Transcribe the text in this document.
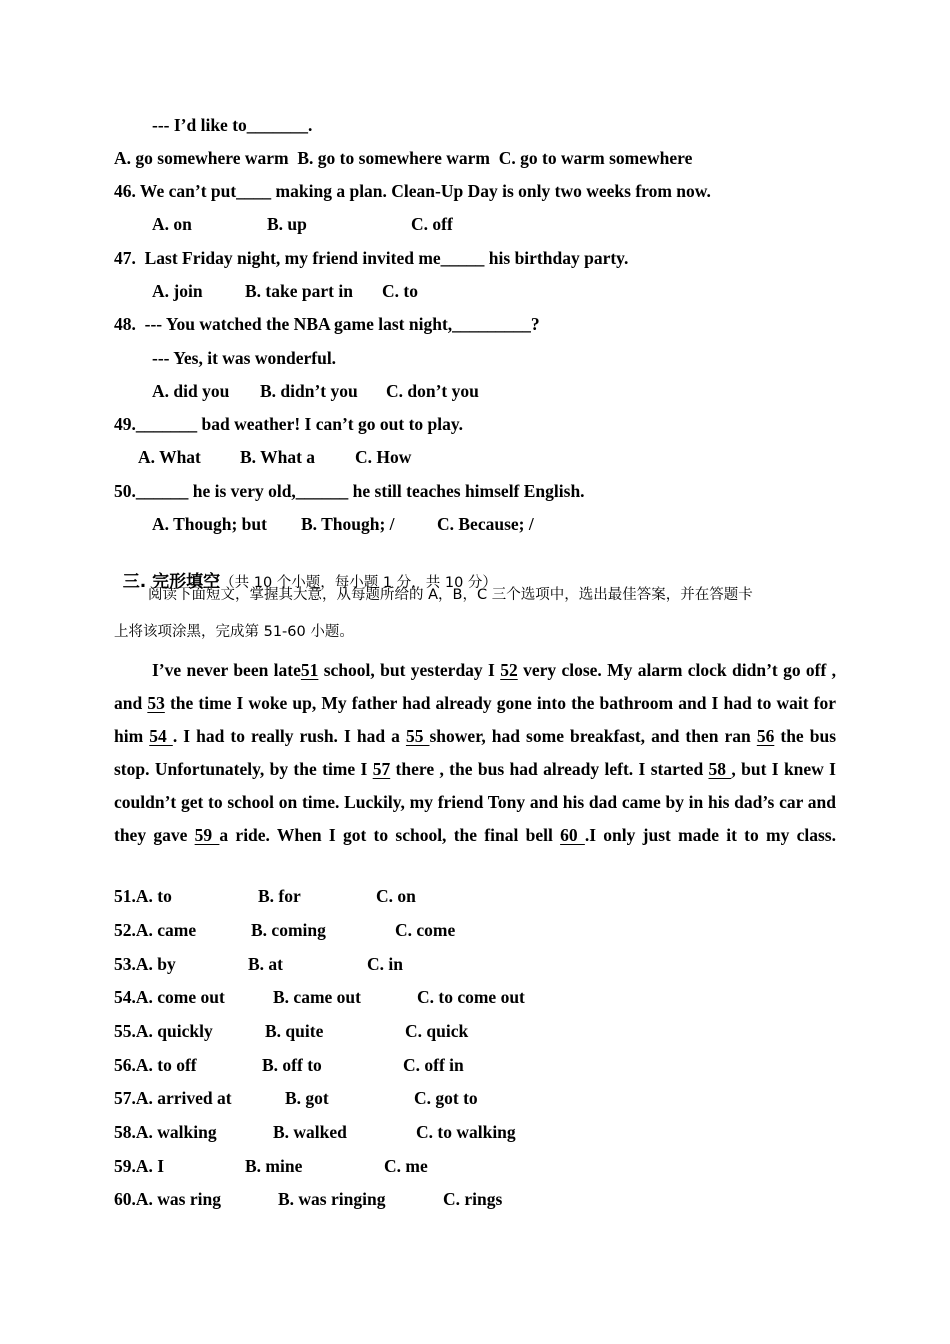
--- I’d like to_______.
A. go somewhere warm  B. go to somewhere warm  C. go to warm somewhere
46. We can’t put____ making a plan. Clean-Up Day is only two weeks from now.
A. on	B. up	C. off
47.  Last Friday night, my friend invited me_____ his birthday party.
A. join B. take part in C. to
48.  --- You watched the NBA game last night,_________?
--- Yes, it was wonderful.
A. did you B. didn’t you C. don’t you
49._______ bad weather! I can’t go out to play.
A. What B. What a C. How
50.______ he is very old,______ he still teaches himself English.
A. Though; but B. Though; / C. Because; /

三. 完形填空（共 10 个小题，每小题 1 分，共 10 分）

阅读下面短文，掌握其大意，从每题所给的 A，B，C 三个选项中，选出最佳答案，并在答题卡
上将该项涂黑，完成第 51-60 小题。
I’ve never been late51 school, but yesterday I 52 very close. My alarm clock didn’t go off , and 53 the time I woke up, My father had already gone into the bathroom and I had to wait for him 54 . I had to really rush. I had a 55 shower, had some breakfast, and then ran 56 the bus stop. Unfortunately, by the time I 57 there , the bus had already left. I started 58 , but I knew I couldn’t get to school on time. Luckily, my friend Tony and his dad came by in his dad’s car and they gave 59 a ride. When I got to school, the final bell 60 .I only just made it to my class.
51.A. to	B. for	C. on
52.A. came	B. coming	C. come
53.A. by	B. at	C. in
54.A. come out	B. came out	C. to come out
55.A. quickly	B. quite	C. quick
56.A. to off	B. off to	C. off in
57.A. arrived at	B. got	C. got to
58.A. walking	B. walked	C. to walking
59.A. I	B. mine	C. me
60.A. was ring	B. was ringing	C. rings
